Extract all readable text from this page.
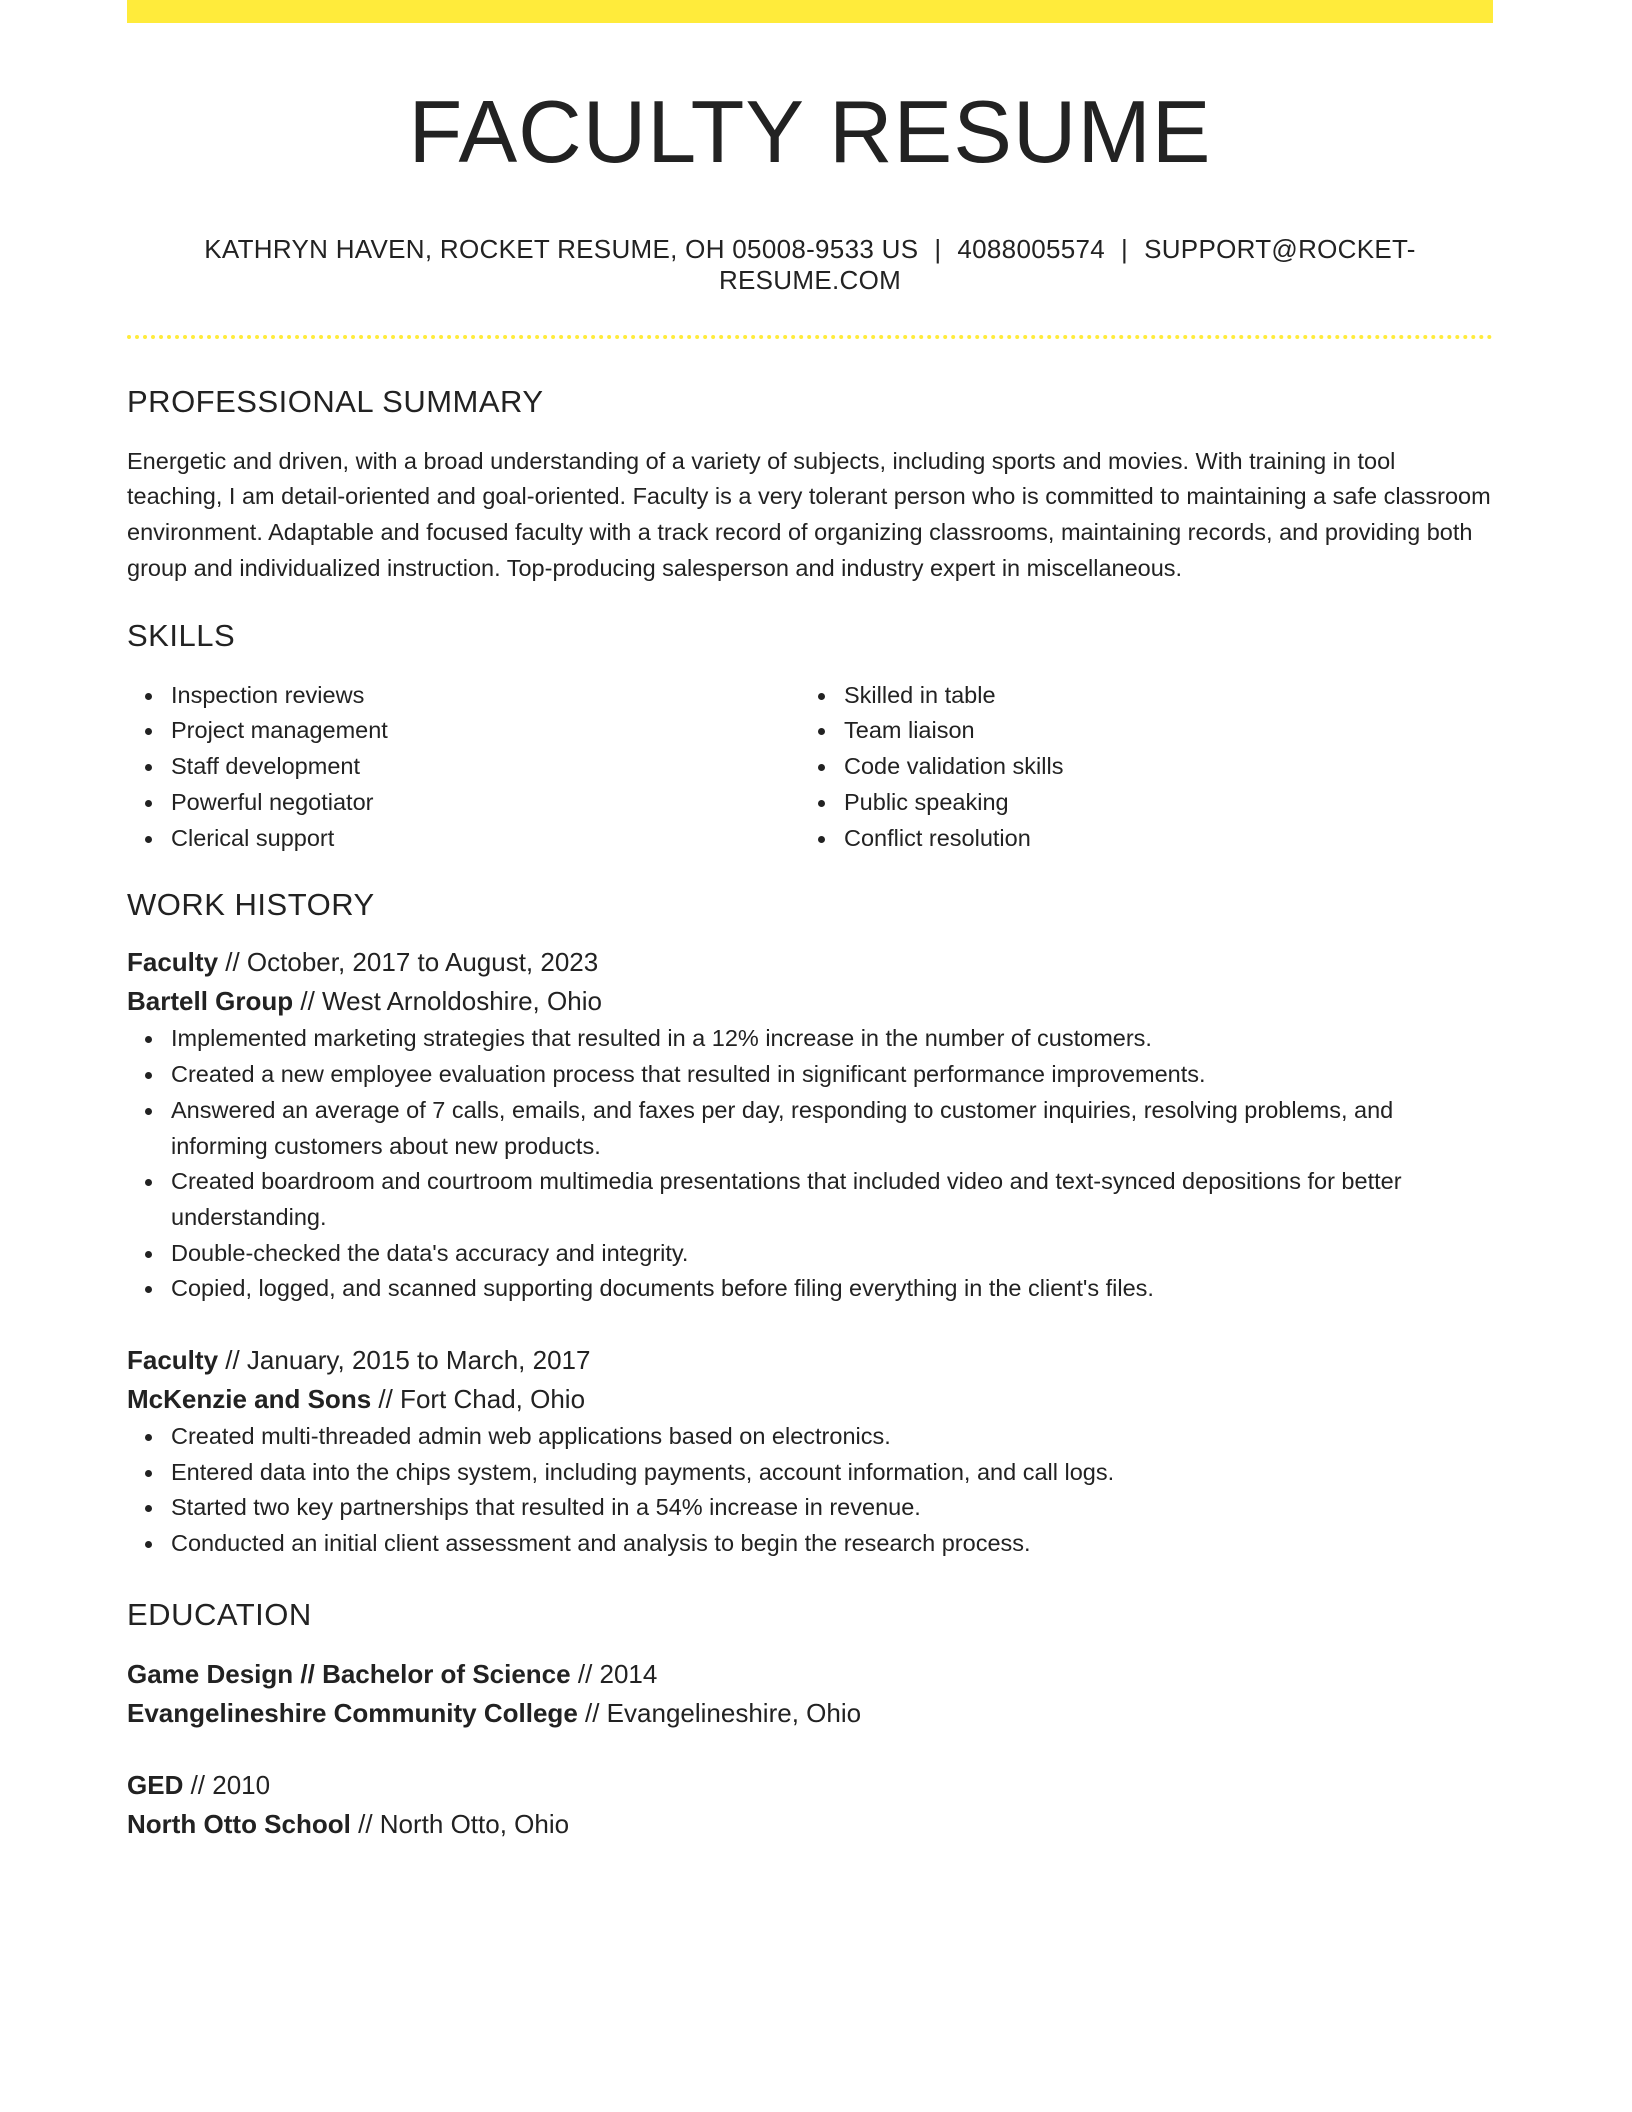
FACULTY RESUME
KATHRYN HAVEN, ROCKET RESUME, OH 05008-9533 US | 4088005574 | SUPPORT@ROCKET-RESUME.COM
PROFESSIONAL SUMMARY

Energetic and driven, with a broad understanding of a variety of subjects, including sports and movies. With training in tool teaching, I am detail-oriented and goal-oriented. Faculty is a very tolerant person who is committed to maintaining a safe classroom environment. Adaptable and focused faculty with a track record of organizing classrooms, maintaining records, and providing both group and individualized instruction. Top-producing salesperson and industry expert in miscellaneous.

SKILLS
Inspection reviews
Project management
Staff development
Powerful negotiator
Clerical support
Skilled in table
Team liaison
Code validation skills
Public speaking
Conflict resolution
WORK HISTORY
Faculty // October, 2017 to August, 2023
Bartell Group // West Arnoldoshire, Ohio
Implemented marketing strategies that resulted in a 12% increase in the number of customers.
Created a new employee evaluation process that resulted in significant performance improvements.
Answered an average of 7 calls, emails, and faxes per day, responding to customer inquiries, resolving problems, and informing customers about new products.
Created boardroom and courtroom multimedia presentations that included video and text-synced depositions for better understanding.
Double-checked the data's accuracy and integrity.
Copied, logged, and scanned supporting documents before filing everything in the client's files.
Faculty // January, 2015 to March, 2017
McKenzie and Sons // Fort Chad, Ohio
Created multi-threaded admin web applications based on electronics.
Entered data into the chips system, including payments, account information, and call logs.
Started two key partnerships that resulted in a 54% increase in revenue.
Conducted an initial client assessment and analysis to begin the research process.
EDUCATION
Game Design // Bachelor of Science // 2014
Evangelineshire Community College // Evangelineshire, Ohio
GED // 2010
North Otto School // North Otto, Ohio
